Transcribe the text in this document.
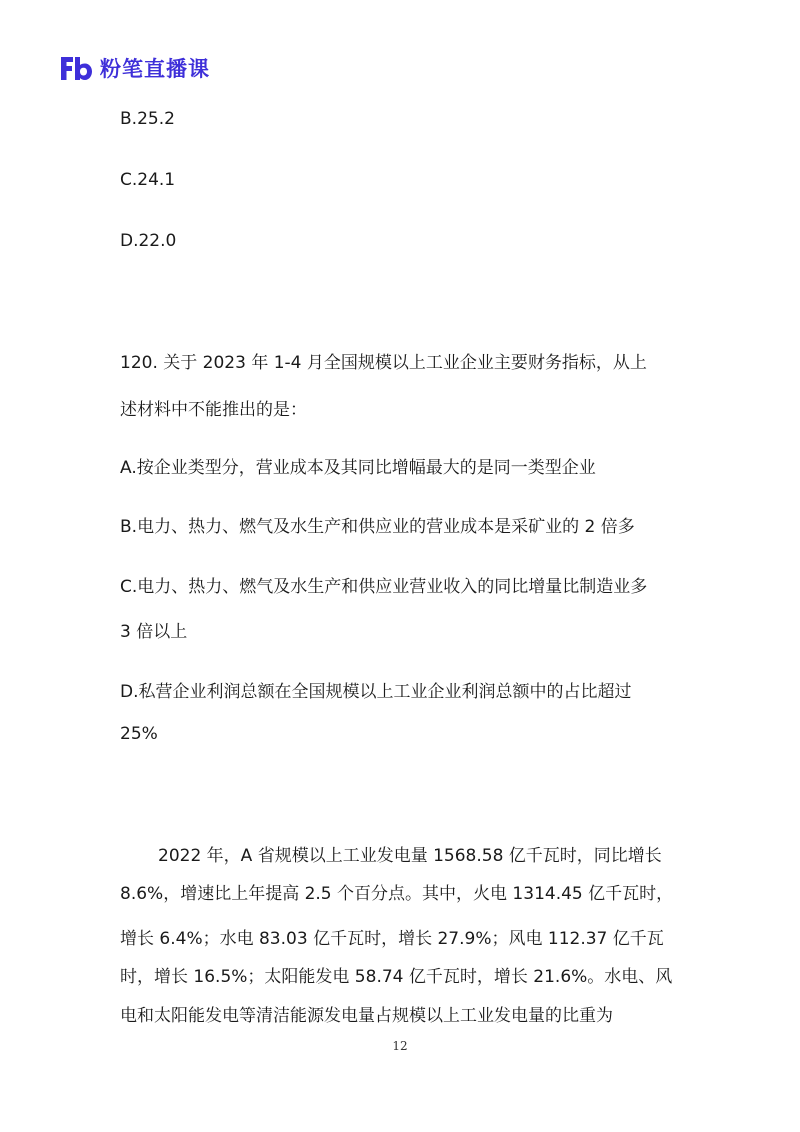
粉笔直播课
B.25.2
C.24.1
D.22.0
120. 关于 2023 年 1-4 月全国规模以上工业企业主要财务指标，从上
述材料中不能推出的是：
A.按企业类型分，营业成本及其同比增幅最大的是同一类型企业
B.电力、热力、燃气及水生产和供应业的营业成本是采矿业的 2 倍多
C.电力、热力、燃气及水生产和供应业营业收入的同比增量比制造业多
3 倍以上
D.私营企业利润总额在全国规模以上工业企业利润总额中的占比超过
25%
2022 年，A 省规模以上工业发电量 1568.58 亿千瓦时，同比增长
8.6%，增速比上年提高 2.5 个百分点。其中，火电 1314.45 亿千瓦时，
增长 6.4%；水电 83.03 亿千瓦时，增长 27.9%；风电 112.37 亿千瓦
时，增长 16.5%；太阳能发电 58.74 亿千瓦时，增长 21.6%。水电、风
电和太阳能发电等清洁能源发电量占规模以上工业发电量的比重为
12
